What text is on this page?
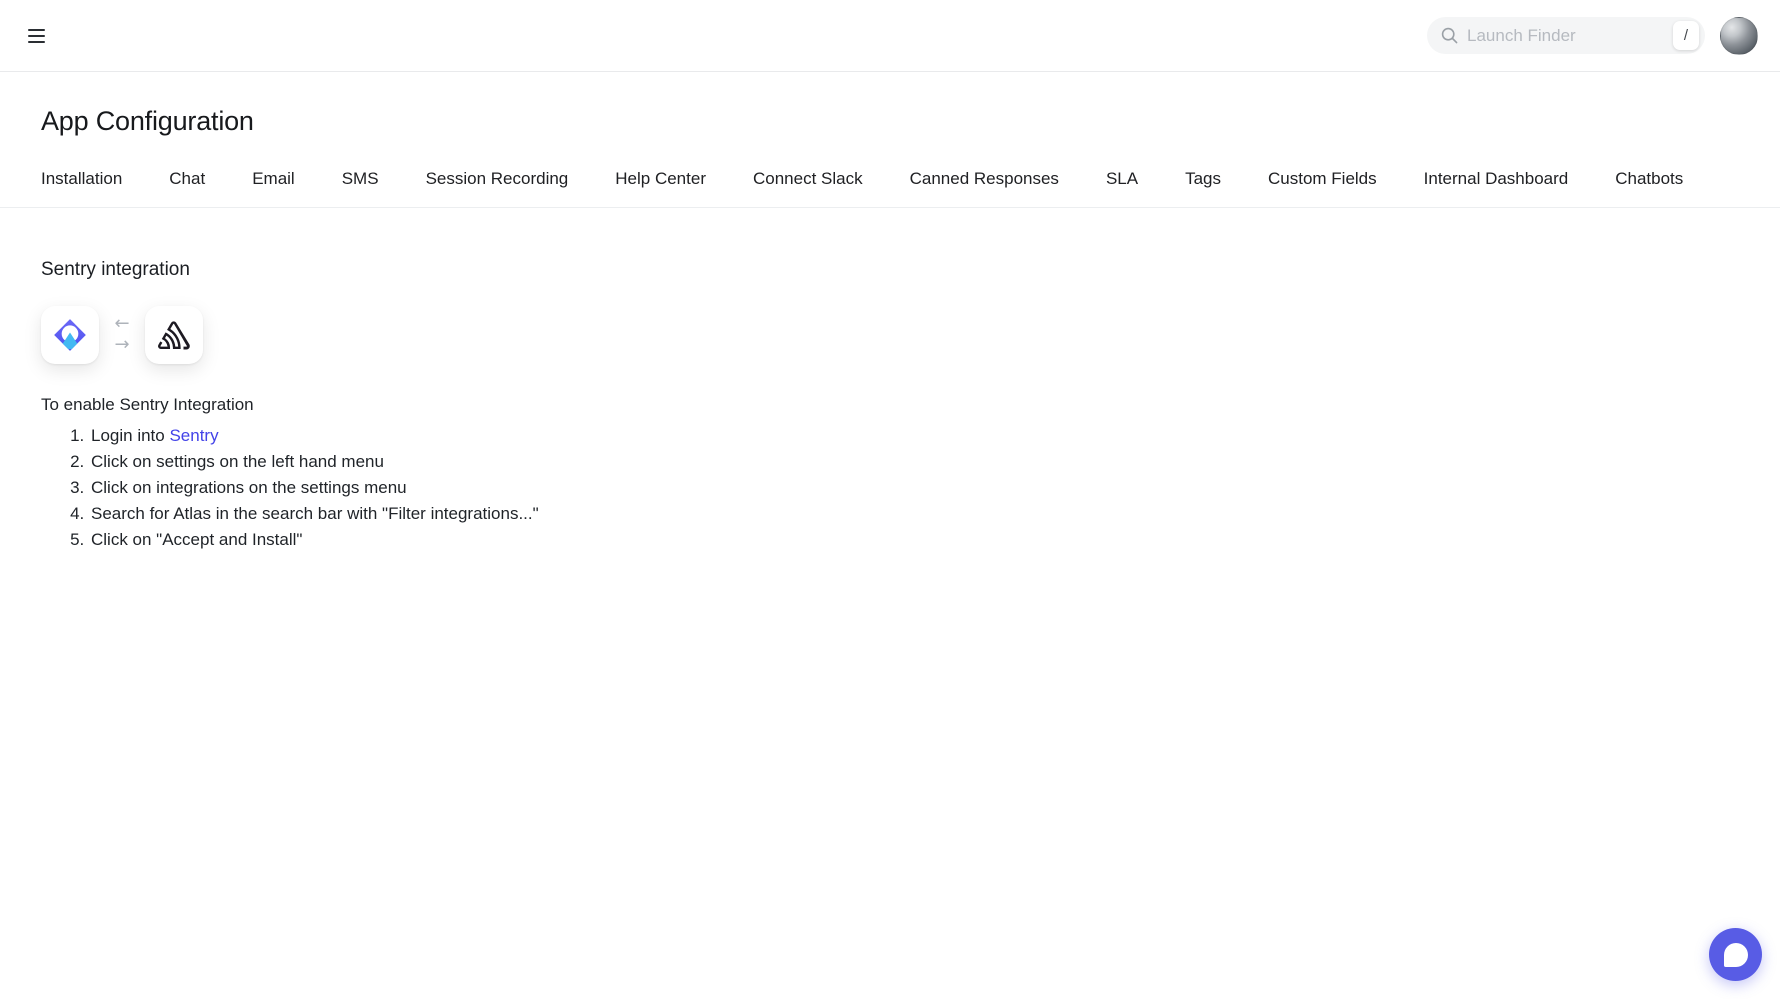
Launch Finder
/
App Configuration
Installation	Chat	Email	SMS	Session Recording	Help Center	Connect Slack	Canned Responses	SLA	Tags	Custom Fields	Internal Dashboard	Chatbots
Sentry integration
←
→

To enable Sentry Integration

1. Login into Sentry
2. Click on settings on the left hand menu
3. Click on integrations on the settings menu
4. Search for Atlas in the search bar with "Filter integrations..."
5. Click on "Accept and Install"
